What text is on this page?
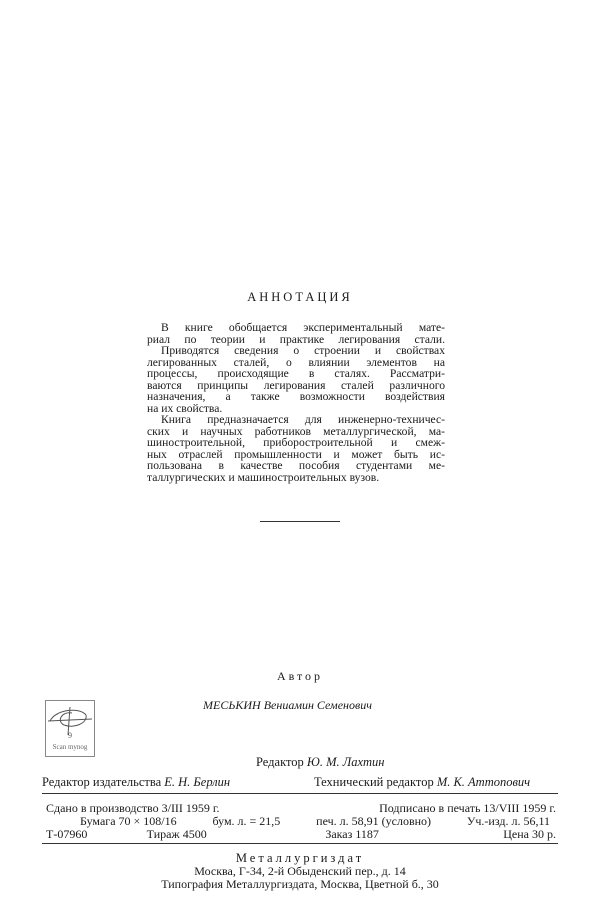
АННОТАЦИЯ
В книге обобщается экспериментальный мате-
риал по теории и практике легирования стали.
Приводятся сведения о строении и свойствах
легированных сталей, о влиянии элементов на
процессы, происходящие в сталях. Рассматри-
ваются принципы легирования сталей различного
назначения, а также возможности воздействия
на их свойства.
Книга предназначается для инженерно-техничес-
ских и научных работников металлургической, ма-
шиностроительной, приборостроительной и смеж-
ных отраслей промышленности и может быть ис-
пользована в качестве пособия студентами ме-
таллургических и машиностроительных вузов.
Автор
МЕСЬКИН Вениамин Семенович
9
Scan mynog
Редактор Ю. М. Лахтин
Редактор издательства Е. Н. Берлин	Технический редактор М. К. Аттопович
Сдано в производство 3/III 1959 г.	Подписано в печать 13/VIII 1959 г.
Бумага 70 × 108/16	бум. л. = 21,5	печ. л. 58,91 (условно)	Уч.-изд. л. 56,11
Т-07960	Тираж 4500	Заказ 1187	Цена 30 р.
Металлургиздат
Москва, Г-34, 2-й Обыденский пер., д. 14
Типография Металлургиздата, Москва, Цветной б., 30
